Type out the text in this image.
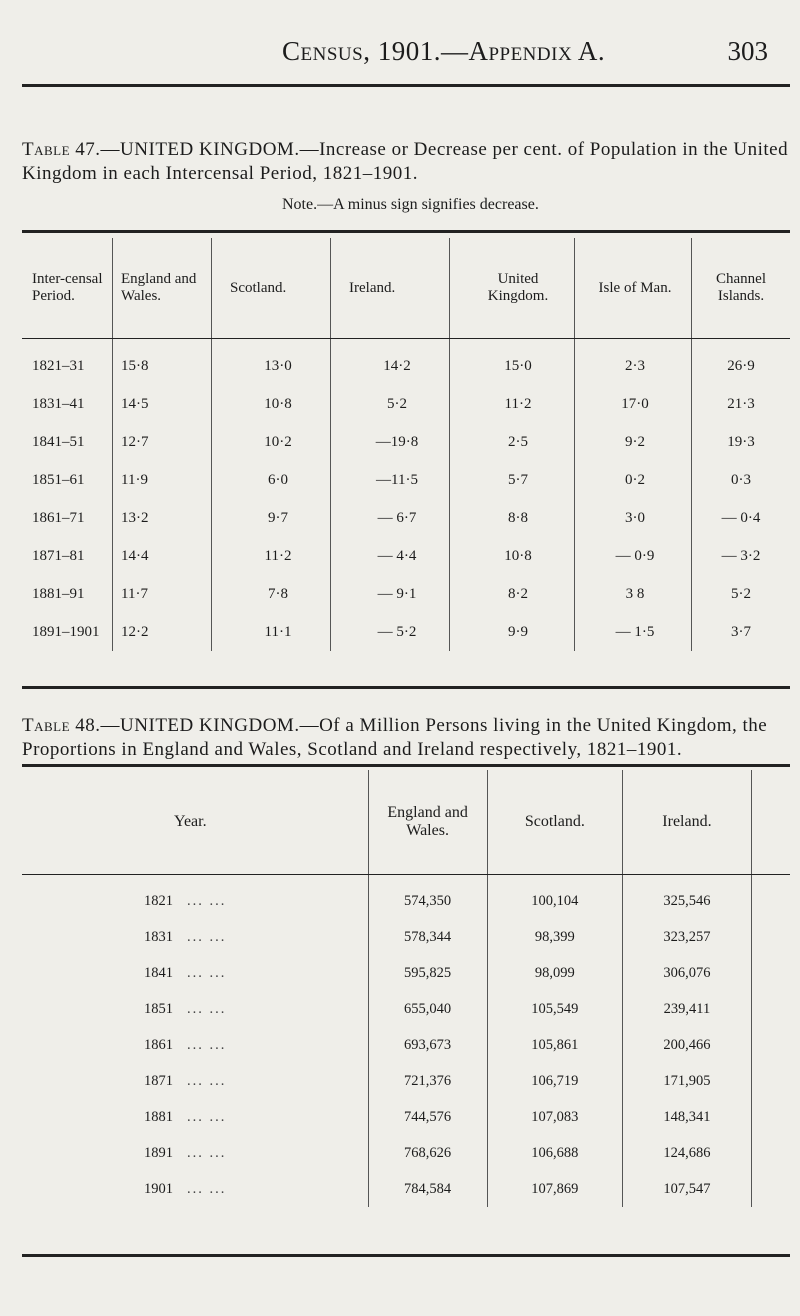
Census, 1901.—Appendix A.	303
Table 47.—UNITED KINGDOM.—Increase or Decrease per cent. of Population in the United Kingdom in each Intercensal Period, 1821–1901.
Note.—A minus sign signifies decrease.
Inter-censal Period.	England and Wales.	Scotland.	Ireland.	United Kingdom.	Isle of Man.	Channel Islands.
1821–31	15·8	13·0	14·2	15·0	2·3	26·9
1831–41	14·5	10·8	5·2	11·2	17·0	21·3
1841–51	12·7	10·2	—19·8	2·5	9·2	19·3
1851–61	11·9	6·0	—11·5	5·7	0·2	0·3
1861–71	13·2	9·7	— 6·7	8·8	3·0	— 0·4
1871–81	14·4	11·2	— 4·4	10·8	— 0·9	— 3·2
1881–91	11·7	7·8	— 9·1	8·2	3 8	5·2
1891–1901	12·2	11·1	— 5·2	9·9	— 1·5	3·7
Table 48.—UNITED KINGDOM.—Of a Million Persons living in the United Kingdom, the Proportions in England and Wales, Scotland and Ireland respectively, 1821–1901.
Year.	England and Wales.	Scotland.	Ireland.	
1821 ... ...	574,350	100,104	325,546	
1831 ... ...	578,344	98,399	323,257	
1841 ... ...	595,825	98,099	306,076	
1851 ... ...	655,040	105,549	239,411	
1861 ... ...	693,673	105,861	200,466	
1871 ... ...	721,376	106,719	171,905	
1881 ... ...	744,576	107,083	148,341	
1891 ... ...	768,626	106,688	124,686	
1901 ... ...	784,584	107,869	107,547	
